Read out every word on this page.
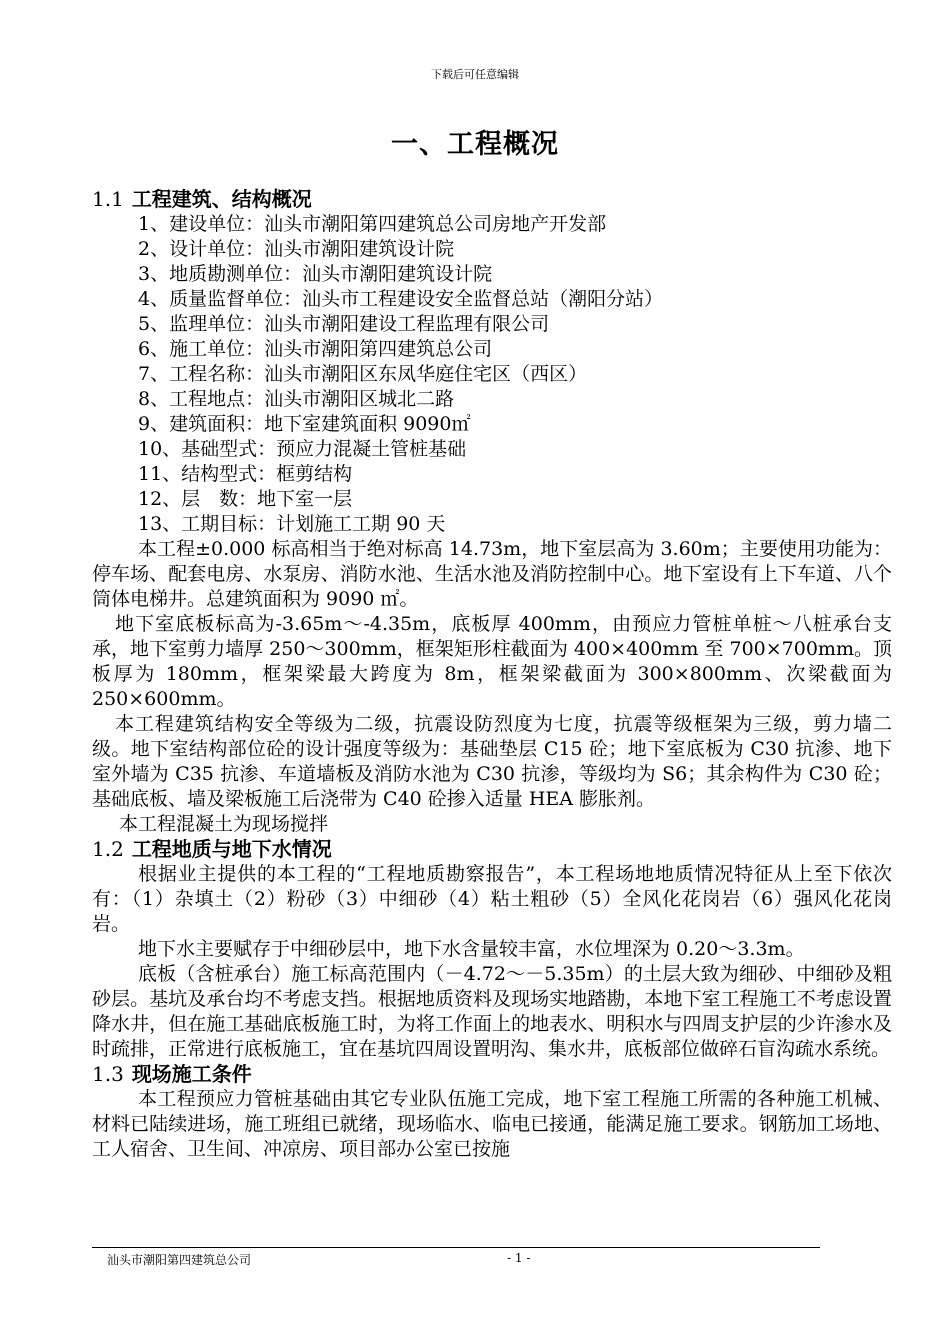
下载后可任意编辑
一、工程概况
1.1 工程建筑、结构概况
1、建设单位：汕头市潮阳第四建筑总公司房地产开发部
2、设计单位：汕头市潮阳建筑设计院
3、地质勘测单位：汕头市潮阳建筑设计院
4、质量监督单位：汕头市工程建设安全监督总站（潮阳分站）
5、监理单位：汕头市潮阳建设工程监理有限公司
6、施工单位：汕头市潮阳第四建筑总公司
7、工程名称：汕头市潮阳区东凤华庭住宅区（西区）
8、工程地点：汕头市潮阳区城北二路
9、建筑面积：地下室建筑面积 9090㎡
10、基础型式：预应力混凝土管桩基础
11、结构型式：框剪结构
12、层　数：地下室一层
13、工期目标：计划施工工期 90 天
本工程±0.000 标高相当于绝对标高 14.73m，地下室层高为 3.60m；主要使用功能为：停车场、配套电房、水泵房、消防水池、生活水池及消防控制中心。地下室设有上下车道、八个筒体电梯井。总建筑面积为 9090 ㎡。
地下室底板标高为-3.65m～-4.35m，底板厚 400mm，由预应力管桩单桩～八桩承台支承，地下室剪力墙厚 250～300mm，框架矩形柱截面为 400×400mm 至 700×700mm。顶板厚为 180mm，框架梁最大跨度为 8m，框架梁截面为 300×800mm、次梁截面为 250×600mm。
本工程建筑结构安全等级为二级，抗震设防烈度为七度，抗震等级框架为三级，剪力墙二级。地下室结构部位砼的设计强度等级为：基础垫层 C15 砼；地下室底板为 C30 抗渗、地下室外墙为 C35 抗渗、车道墙板及消防水池为 C30 抗渗，等级均为 S6；其余构件为 C30 砼；基础底板、墙及梁板施工后浇带为 C40 砼掺入适量 HEA 膨胀剂。
本工程混凝土为现场搅拌
1.2 工程地质与地下水情况
根据业主提供的本工程的“工程地质勘察报告”，本工程场地地质情况特征从上至下依次有：（1）杂填土（2）粉砂（3）中细砂（4）粘土粗砂（5）全风化花岗岩（6）强风化花岗岩。
地下水主要赋存于中细砂层中，地下水含量较丰富，水位埋深为 0.20～3.3m。
底板（含桩承台）施工标高范围内（－4.72～－5.35m）的土层大致为细砂、中细砂及粗砂层。基坑及承台均不考虑支挡。根据地质资料及现场实地踏勘，本地下室工程施工不考虑设置降水井，但在施工基础底板施工时，为将工作面上的地表水、明积水与四周支护层的少许渗水及时疏排，正常进行底板施工，宜在基坑四周设置明沟、集水井，底板部位做碎石盲沟疏水系统。
1.3 现场施工条件
本工程预应力管桩基础由其它专业队伍施工完成，地下室工程施工所需的各种施工机械、材料已陆续进场，施工班组已就绪，现场临水、临电已接通，能满足施工要求。钢筋加工场地、工人宿舍、卫生间、冲凉房、项目部办公室已按施
汕头市潮阳第四建筑总公司	- 1 -
